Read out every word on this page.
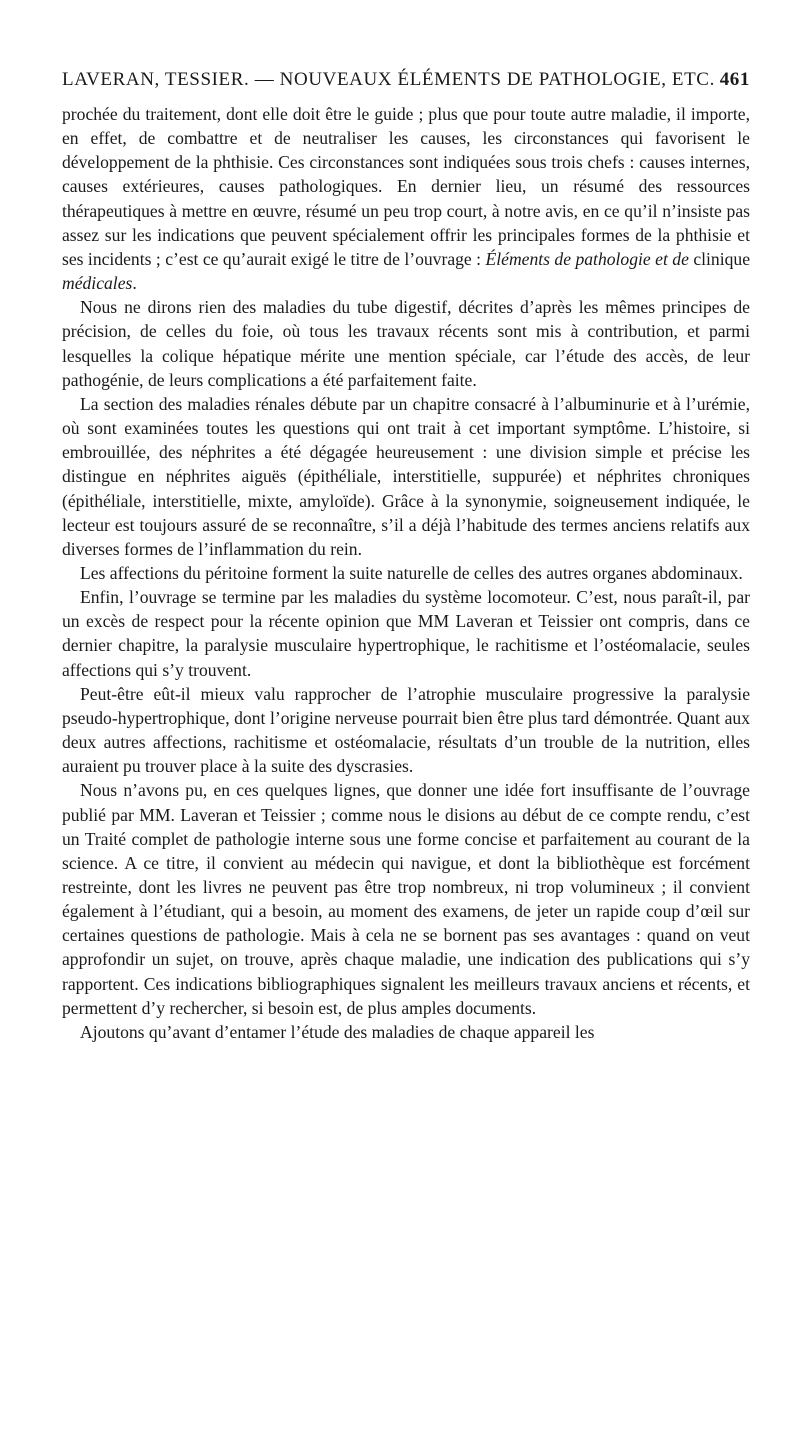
LAVERAN, TESSIER. — NOUVEAUX ÉLÉMENTS DE PATHOLOGIE, ETC. 461

prochée du traitement, dont elle doit être le guide ; plus que pour toute autre maladie, il importe, en effet, de combattre et de neutraliser les causes, les circonstances qui favorisent le développement de la phthisie. Ces circonstances sont indiquées sous trois chefs : causes internes, causes extérieures, causes pathologiques. En dernier lieu, un résumé des ressources thérapeutiques à mettre en œuvre, résumé un peu trop court, à notre avis, en ce qu’il n’insiste pas assez sur les indications que peuvent spécialement offrir les principales formes de la phthisie et ses incidents ; c’est ce qu’aurait exigé le titre de l’ouvrage : Éléments de pathologie et de clinique médicales.

Nous ne dirons rien des maladies du tube digestif, décrites d’après les mêmes principes de précision, de celles du foie, où tous les travaux récents sont mis à contribution, et parmi lesquelles la colique hépatique mérite une mention spéciale, car l’étude des accès, de leur pathogénie, de leurs complications a été parfaitement faite.

La section des maladies rénales débute par un chapitre consacré à l’albuminurie et à l’urémie, où sont examinées toutes les questions qui ont trait à cet important symptôme. L’histoire, si embrouillée, des néphrites a été dégagée heureusement : une division simple et précise les distingue en néphrites aiguës (épithéliale, interstitielle, suppurée) et néphrites chroniques (épithéliale, interstitielle, mixte, amyloïde). Grâce à la synonymie, soigneusement indiquée, le lecteur est toujours assuré de se reconnaître, s’il a déjà l’habitude des termes anciens relatifs aux diverses formes de l’inflammation du rein.

Les affections du péritoine forment la suite naturelle de celles des autres organes abdominaux.

Enfin, l’ouvrage se termine par les maladies du système locomoteur. C’est, nous paraît-il, par un excès de respect pour la récente opinion que MM Laveran et Teissier ont compris, dans ce dernier chapitre, la paralysie musculaire hypertrophique, le rachitisme et l’ostéomalacie, seules affections qui s’y trouvent.

Peut-être eût-il mieux valu rapprocher de l’atrophie musculaire progressive la paralysie pseudo-hypertrophique, dont l’origine nerveuse pourrait bien être plus tard démontrée. Quant aux deux autres affections, rachitisme et ostéomalacie, résultats d’un trouble de la nutrition, elles auraient pu trouver place à la suite des dyscrasies.

Nous n’avons pu, en ces quelques lignes, que donner une idée fort insuffisante de l’ouvrage publié par MM. Laveran et Teissier ; comme nous le disions au début de ce compte rendu, c’est un Traité complet de pathologie interne sous une forme concise et parfaitement au courant de la science. A ce titre, il convient au médecin qui navigue, et dont la bibliothèque est forcément restreinte, dont les livres ne peuvent pas être trop nombreux, ni trop volumineux ; il convient également à l’étudiant, qui a besoin, au moment des examens, de jeter un rapide coup d’œil sur certaines questions de pathologie. Mais à cela ne se bornent pas ses avantages : quand on veut approfondir un sujet, on trouve, après chaque maladie, une indication des publications qui s’y rapportent. Ces indications bibliographiques signalent les meilleurs travaux anciens et récents, et permettent d’y rechercher, si besoin est, de plus amples documents.

Ajoutons qu’avant d’entamer l’étude des maladies de chaque appareil les
